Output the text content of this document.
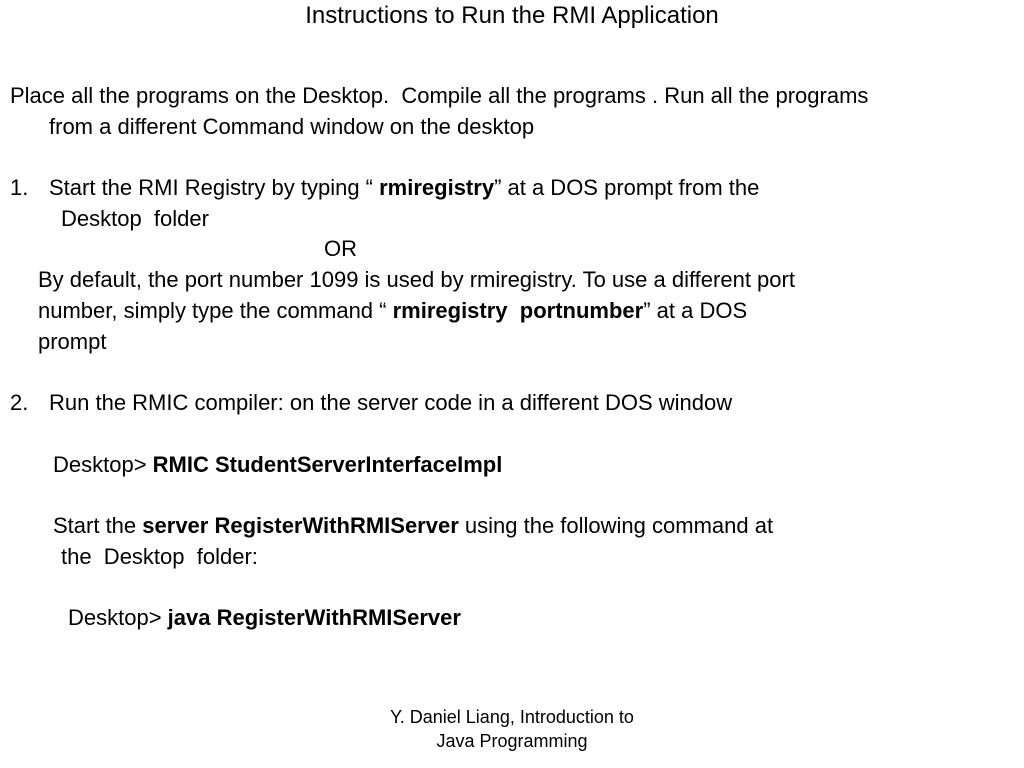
Instructions to Run the RMI Application
Place all the programs on the Desktop.  Compile all the programs . Run all the programs
from a different Command window on the desktop
1. Start the RMI Registry by typing “ rmiregistry” at a DOS prompt from the
Desktop  folder
OR
By default, the port number 1099 is used by rmiregistry. To use a different port
number, simply type the command “ rmiregistry  portnumber” at a DOS
prompt
2. Run the RMIC compiler: on the server code in a different DOS window
Desktop> RMIC StudentServerInterfaceImpl
Start the server RegisterWithRMIServer using the following command at
the  Desktop  folder:
Desktop> java RegisterWithRMIServer
Y. Daniel Liang, Introduction to
Java Programming
